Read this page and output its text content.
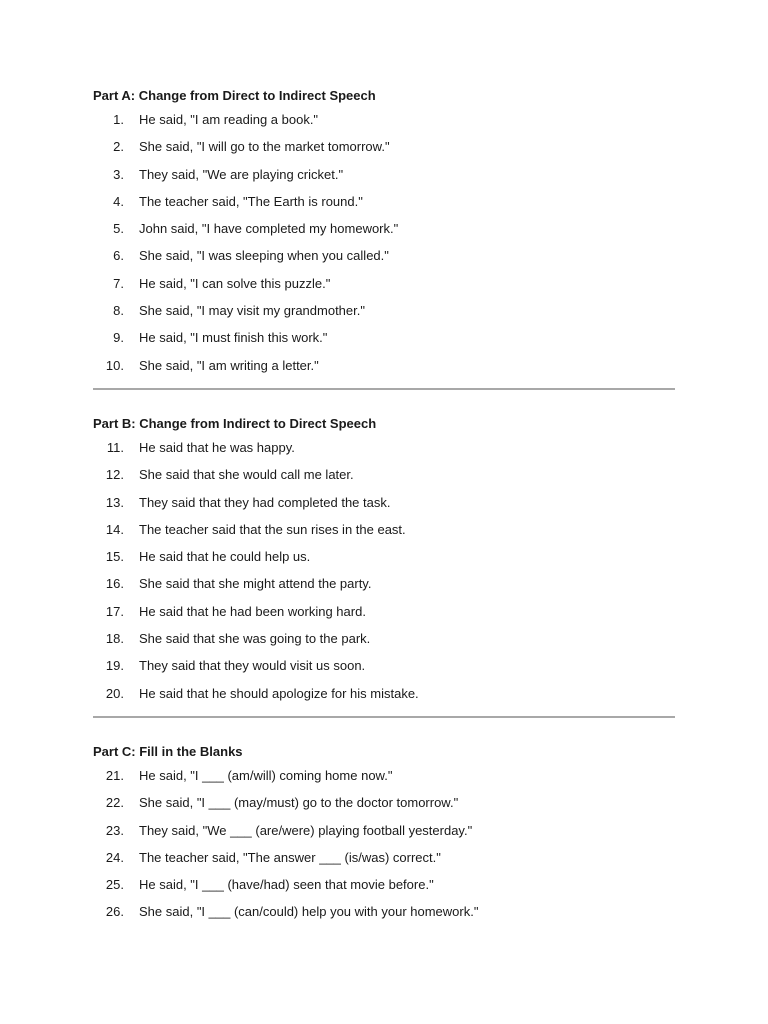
Part A: Change from Direct to Indirect Speech
1. He said, "I am reading a book."
2. She said, "I will go to the market tomorrow."
3. They said, "We are playing cricket."
4. The teacher said, "The Earth is round."
5. John said, "I have completed my homework."
6. She said, "I was sleeping when you called."
7. He said, "I can solve this puzzle."
8. She said, "I may visit my grandmother."
9. He said, "I must finish this work."
10. She said, "I am writing a letter."
Part B: Change from Indirect to Direct Speech
11. He said that he was happy.
12. She said that she would call me later.
13. They said that they had completed the task.
14. The teacher said that the sun rises in the east.
15. He said that he could help us.
16. She said that she might attend the party.
17. He said that he had been working hard.
18. She said that she was going to the park.
19. They said that they would visit us soon.
20. He said that he should apologize for his mistake.
Part C: Fill in the Blanks
21. He said, "I ___ (am/will) coming home now."
22. She said, "I ___ (may/must) go to the doctor tomorrow."
23. They said, "We ___ (are/were) playing football yesterday."
24. The teacher said, "The answer ___ (is/was) correct."
25. He said, "I ___ (have/had) seen that movie before."
26. She said, "I ___ (can/could) help you with your homework."
